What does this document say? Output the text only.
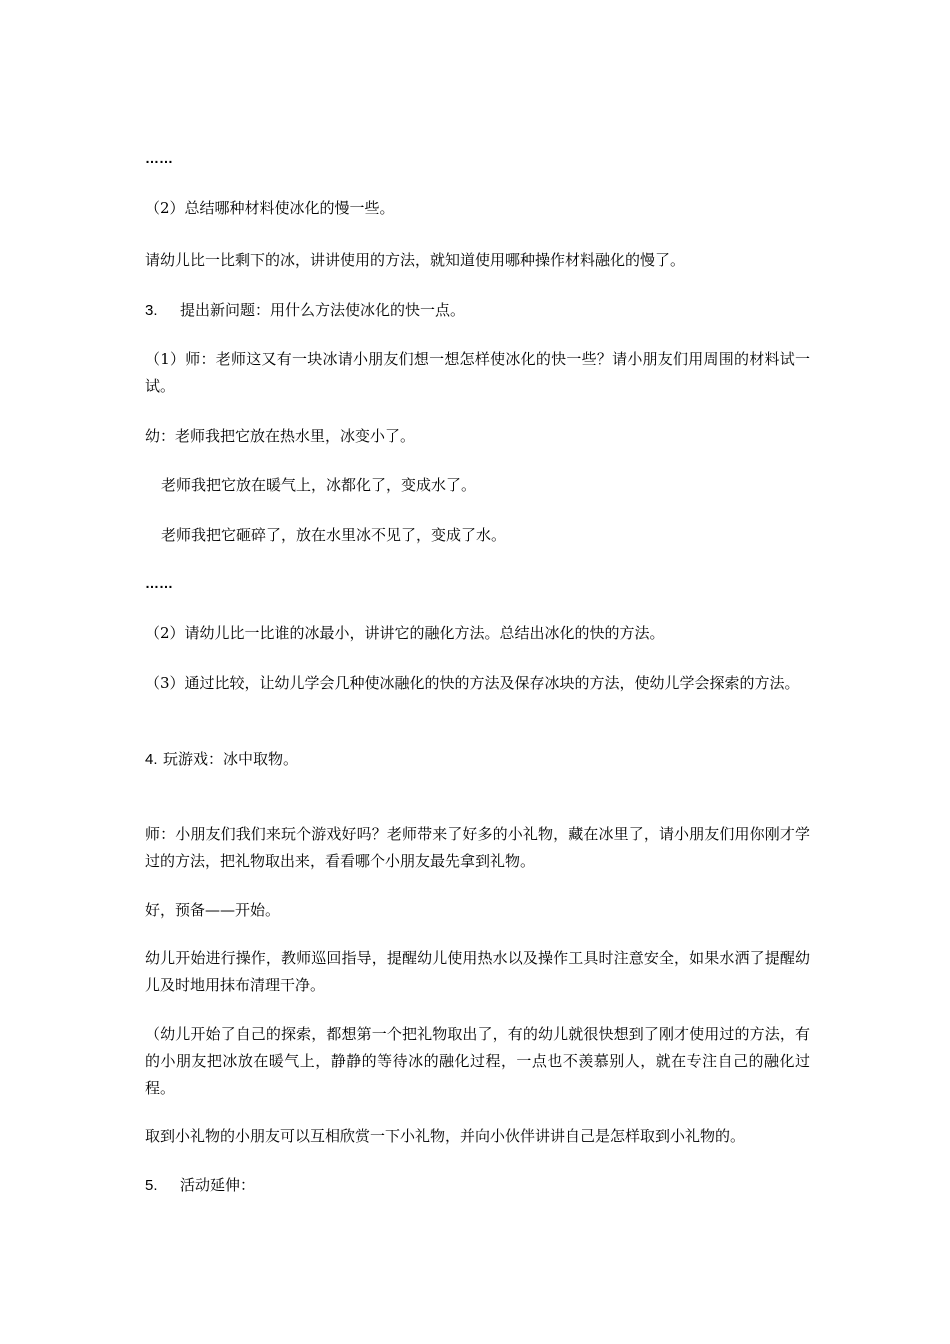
……
（2）总结哪种材料使冰化的慢一些。
请幼儿比一比剩下的冰，讲讲使用的方法，就知道使用哪种操作材料融化的慢了。
3. 提出新问题：用什么方法使冰化的快一点。
（1）师：老师这又有一块冰请小朋友们想一想怎样使冰化的快一些？请小朋友们用周围的材料试一试。
幼：老师我把它放在热水里，冰变小了。
老师我把它放在暖气上，冰都化了，变成水了。
老师我把它砸碎了，放在水里冰不见了，变成了水。
……
（2）请幼儿比一比谁的冰最小，讲讲它的融化方法。总结出冰化的快的方法。
（3）通过比较，让幼儿学会几种使冰融化的快的方法及保存冰块的方法，使幼儿学会探索的方法。
4. 玩游戏：冰中取物。
师：小朋友们我们来玩个游戏好吗？老师带来了好多的小礼物，藏在冰里了，请小朋友们用你刚才学过的方法，把礼物取出来，看看哪个小朋友最先拿到礼物。
好，预备——开始。
幼儿开始进行操作，教师巡回指导，提醒幼儿使用热水以及操作工具时注意安全，如果水洒了提醒幼儿及时地用抹布清理干净。
（幼儿开始了自己的探索，都想第一个把礼物取出了，有的幼儿就很快想到了刚才使用过的方法，有的小朋友把冰放在暖气上，静静的等待冰的融化过程，一点也不羡慕别人，就在专注自己的融化过程。
取到小礼物的小朋友可以互相欣赏一下小礼物，并向小伙伴讲讲自己是怎样取到小礼物的。
5. 活动延伸：
